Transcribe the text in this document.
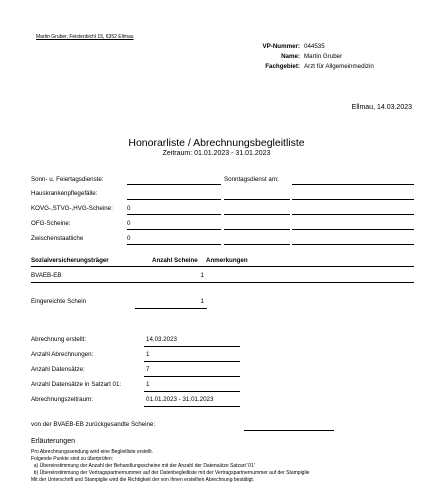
Martin Gruber, Feistenbichl 15, 6352 Ellmau
VP-Nummer: 044535
Name: Martin Gruber
Fachgebiet: Arzt für Allgemeinmedizin
Ellmau, 14.03.2023
Honorarliste / Abrechnungsbegleitliste
Zeitraum: 01.01.2023 - 31.01.2023
Sonn- u. Feiertagsdienste:	Sonntagsdienst am:
Hauskrankenpflegefälle:
KOVG-,STVG-,HVG-Scheine: 0
OFG-Scheine:	0
Zwischenstaatliche	0
Sozialversicherungsträger	Anzahl Scheine Anmerkungen
BVAEB-EB	1
Eingereichte Schein	1
Abrechnung erstellt:	14.03.2023
Anzahl Abrechnungen:	1
Anzahl Datensätze:	7
Anzahl Datensätze in Satzart 01:	1
Abrechnungszeitraum:	01.01.2023 - 31.01.2023
von der BVAEB-EB zurückgesandte Scheine:
Erläuterungen
Pro Abrechnungssendung wird eine Begleitliste erstellt.
Folgende Punkte sind zu überprüfen:
a) Übereinstimmung der Anzahl der Behandlungsscheine mit der Anzahl der Datensätze Satzart '01'
b) Übereinstimmung der Vertragspartnernummer auf der Datenbegleitliste mit der Vertragspartnernummer auf der Stampiglie
Mit der Unterschrift und Stampiglie wird die Richtigkeit der von Ihnen erstellten Abrechnung bestätigt.
